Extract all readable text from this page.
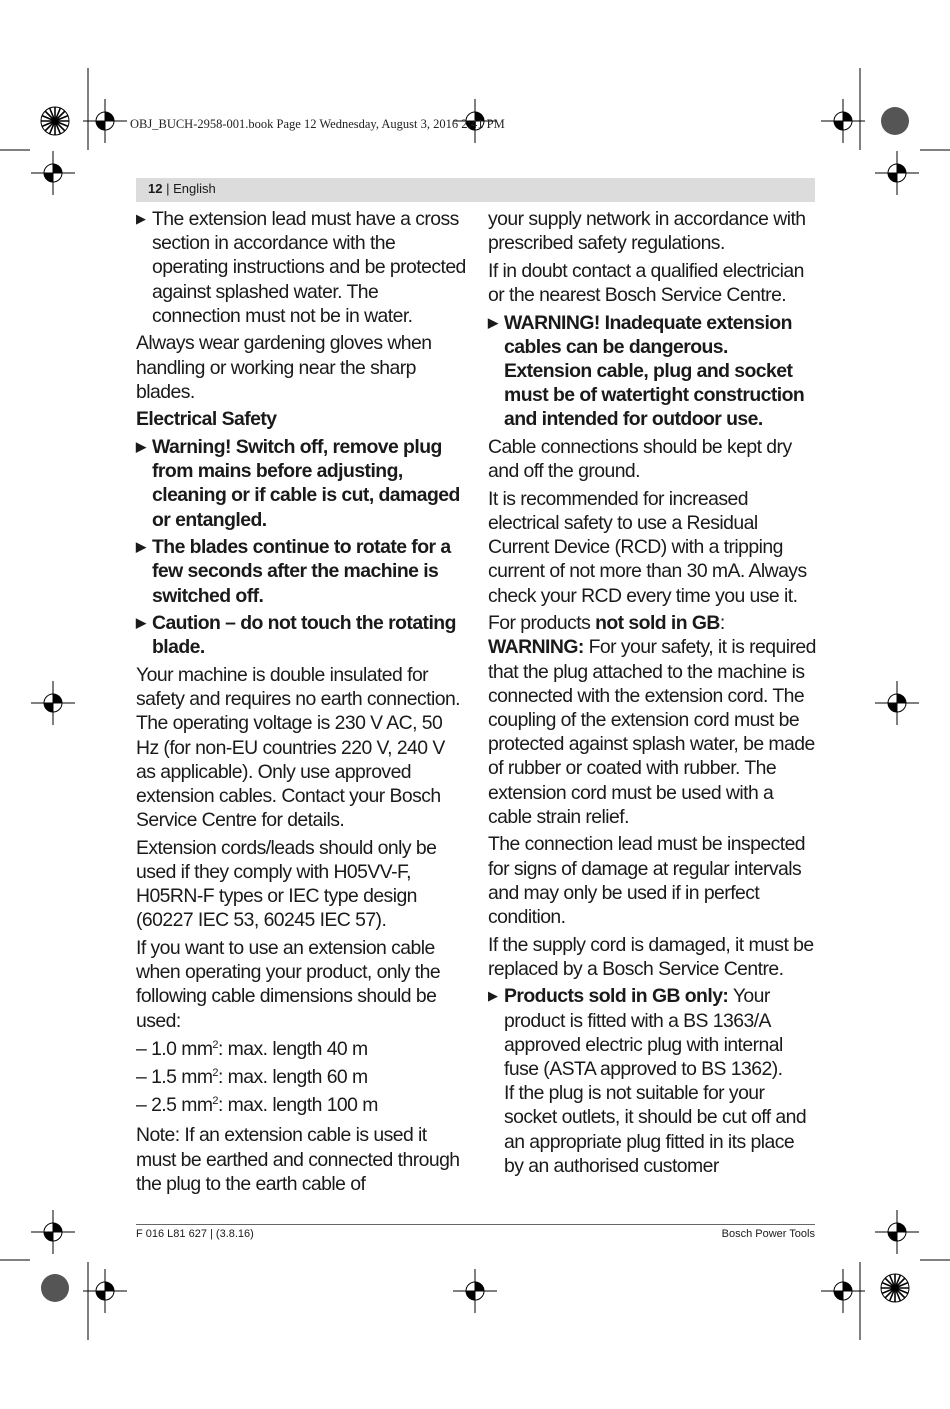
OBJ_BUCH-2958-001.book Page 12 Wednesday, August 3, 2016 2:41 PM
12 | English
▶ The extension lead must have a cross section in accordance with the operating instructions and be protected against splashed water. The connection must not be in water.

Always wear gardening gloves when handling or working near the sharp blades.

Electrical Safety
▶ Warning! Switch off, remove plug from mains before adjusting, cleaning or if cable is cut, damaged or entangled.
▶ The blades continue to rotate for a few seconds after the machine is switched off.
▶ Caution – do not touch the rotating blade.

Your machine is double insulated for safety and requires no earth connection. The operating voltage is 230 V AC, 50 Hz (for non-EU countries 220 V, 240 V as applicable). Only use approved extension cables. Contact your Bosch Service Centre for details.

Extension cords/leads should only be used if they comply with H05VV-F, H05RN-F types or IEC type design (60227 IEC 53, 60245 IEC 57).

If you want to use an extension cable when operating your product, only the following cable dimensions should be used:

– 1.0 $mm^2$: max. length 40 m
– 1.5 $mm^2$: max. length 60 m
– 2.5 $mm^2$: max. length 100 m

Note: If an extension cable is used it must be earthed and connected through the plug to the earth cable of

your supply network in accordance with prescribed safety regulations.

If in doubt contact a qualified electrician or the nearest Bosch Service Centre.

▶ WARNING! Inadequate extension cables can be dangerous. Extension cable, plug and socket must be of watertight construction and intended for outdoor use.

Cable connections should be kept dry and off the ground.

It is recommended for increased electrical safety to use a Residual Current Device (RCD) with a tripping current of not more than 30 mA. Always check your RCD every time you use it.

For products not sold in GB:

WARNING: For your safety, it is required that the plug attached to the machine is connected with the extension cord. The coupling of the extension cord must be protected against splash water, be made of rubber or coated with rubber. The extension cord must be used with a cable strain relief.

The connection lead must be inspected for signs of damage at regular intervals and may only be used if in perfect condition.

If the supply cord is damaged, it must be replaced by a Bosch Service Centre.

▶ Products sold in GB only: Your product is fitted with a BS 1363/A approved electric plug with internal fuse (ASTA approved to BS 1362).
If the plug is not suitable for your socket outlets, it should be cut off and an appropriate plug fitted in its place by an authorised customer
F 016 L81 627 | (3.8.16)	Bosch Power Tools
